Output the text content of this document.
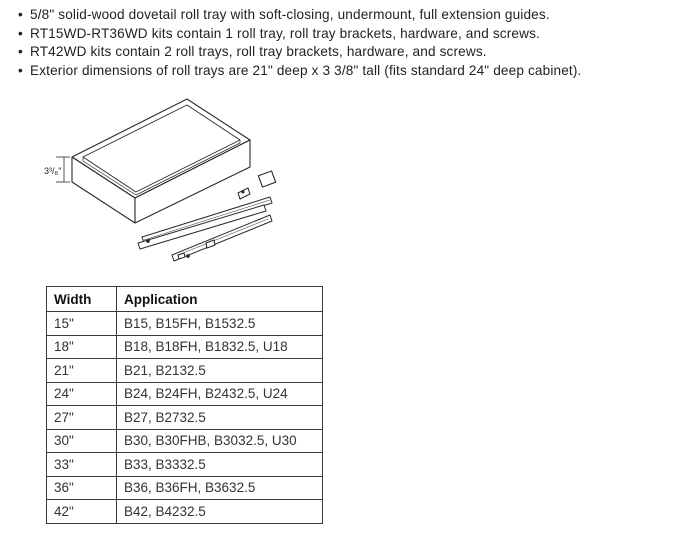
• 5/8" solid-wood dovetail roll tray with soft-closing, undermount, full extension guides.
• RT15WD-RT36WD kits contain 1 roll tray, roll tray brackets, hardware, and screws.
• RT42WD kits contain 2 roll trays, roll tray brackets, hardware, and screws.
• Exterior dimensions of roll trays are 21" deep x 3 3/8" tall (fits standard 24" deep cabinet).
3³/₈"
Width	Application
15"	B15, B15FH, B1532.5
18"	B18, B18FH, B1832.5, U18
21"	B21, B2132.5
24"	B24, B24FH, B2432.5, U24
27"	B27, B2732.5
30"	B30, B30FHB, B3032.5, U30
33"	B33, B3332.5
36"	B36, B36FH, B3632.5
42"	B42, B4232.5
